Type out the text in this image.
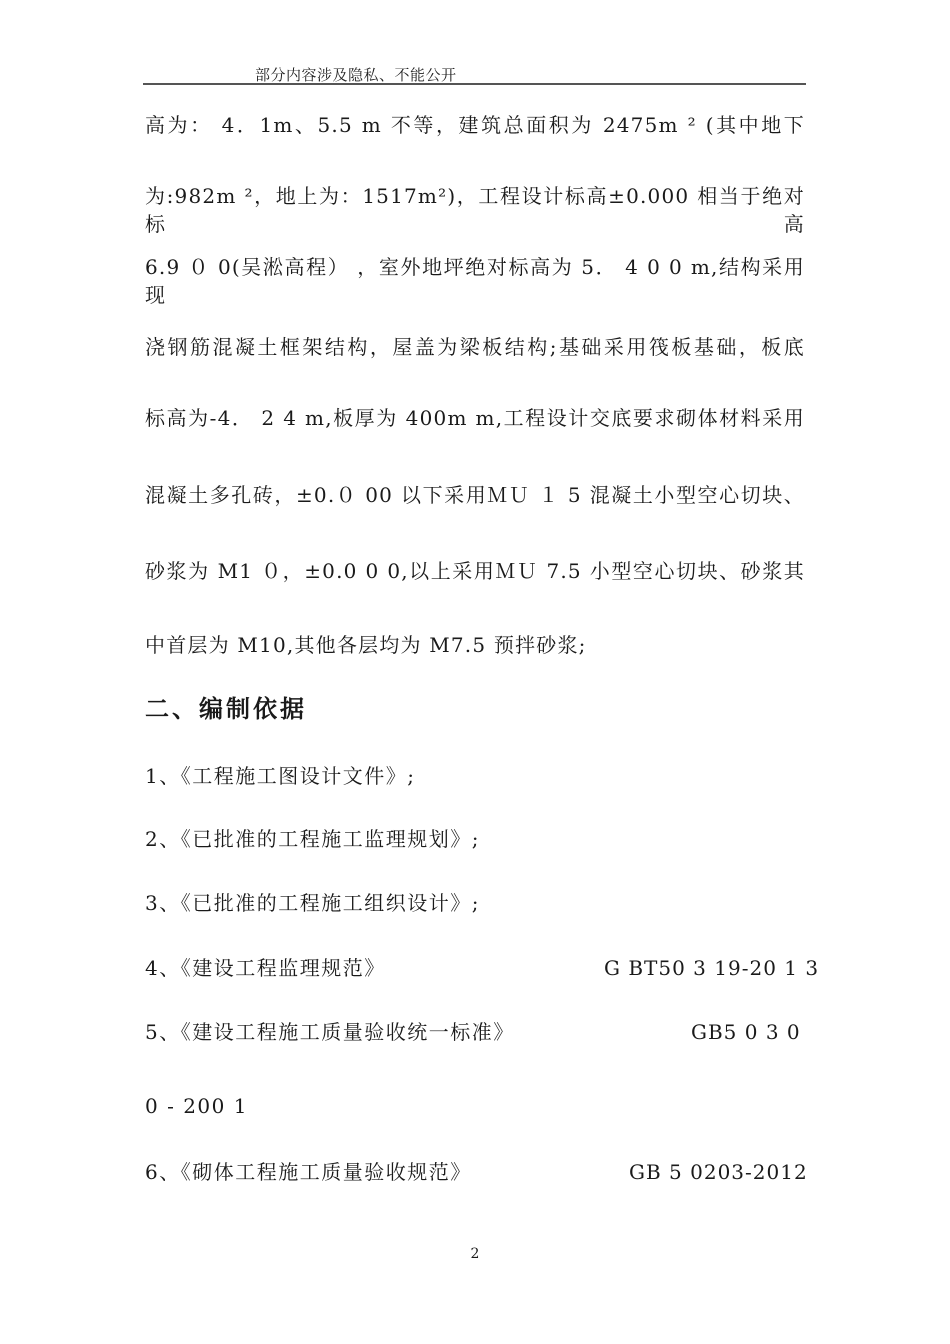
部分内容涉及隐私、不能公开
高为： 4．1m、5.5 m 不等，建筑总面积为 2475m ² (其中地下
为:982m ²，地上为：1517m²)，工程设计标高±0.000 相当于绝对标高
6.9 ０ 0(吴淞高程） ，室外地坪绝对标高为 5． 4 0 0 m,结构采用现
浇钢筋混凝土框架结构，屋盖为梁板结构;基础采用筏板基础，板底
标高为-4． 2 4 m,板厚为 400m m,工程设计交底要求砌体材料采用
混凝土多孔砖，±0.０ 00 以下采用ＭＵ １ 5 混凝土小型空心切块、
砂浆为 M1 ０，±0.0 0 0,以上采用ＭＵ 7.5 小型空心切块、砂浆其
中首层为 M10,其他各层均为 M7.5 预拌砂浆;
二、编制依据
1、《工程施工图设计文件》;
2、《已批准的工程施工监理规划》;
3、《已批准的工程施工组织设计》;
4、《建设工程监理规范》	G BT50 3 19-20 1 3
5、《建设工程施工质量验收统一标准》	GB5 0 3 0
0 - 200 1
6、《砌体工程施工质量验收规范》	GB 5 0203-2012
2
